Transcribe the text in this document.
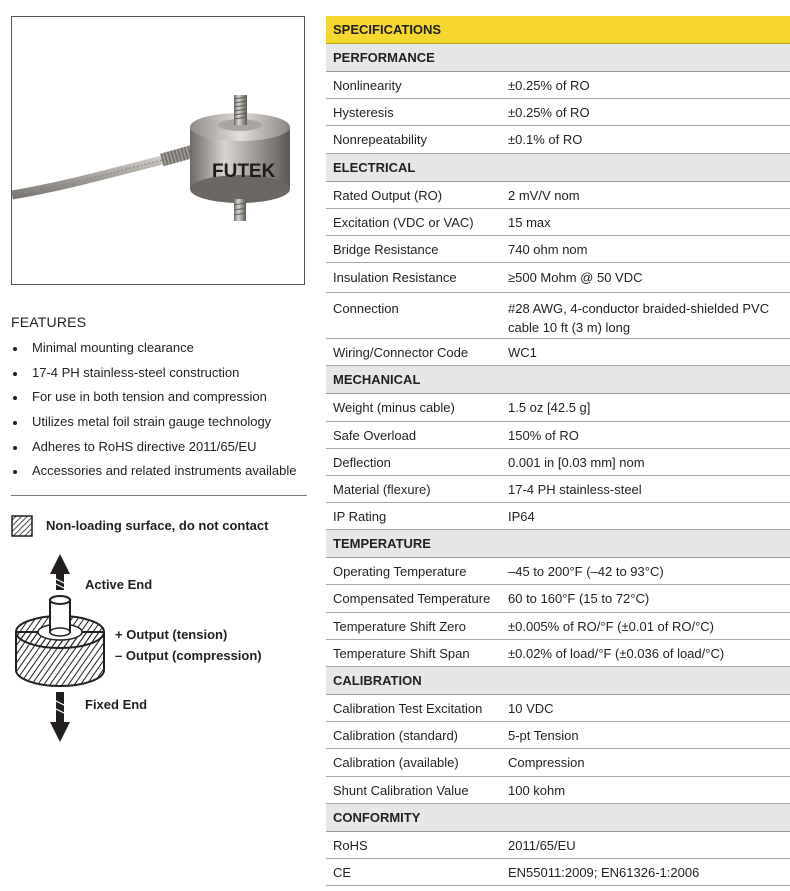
FUTEK
FEATURES
Minimal mounting clearance
17-4 PH stainless-steel construction
For use in both tension and compression
Utilizes metal foil strain gauge technology
Adheres to RoHS directive 2011/65/EU
Accessories and related instruments available
Non-loading surface, do not contact
Active End
+ Output (tension)
– Output (compression)
Fixed End
SPECIFICATIONS
PERFORMANCE
Nonlinearity	±0.25% of RO
Hysteresis	±0.25% of RO
Nonrepeatability	±0.1% of RO
ELECTRICAL
Rated Output (RO)	2 mV/V nom
Excitation (VDC or VAC)	15 max
Bridge Resistance	740 ohm nom
Insulation Resistance	≥500 Mohm @ 50 VDC
Connection	#28 AWG, 4-conductor braided-shielded PVC cable 10 ft (3 m) long
Wiring/Connector Code	WC1
MECHANICAL
Weight (minus cable)	1.5 oz [42.5 g]
Safe Overload	150% of RO
Deflection	0.001 in [0.03 mm] nom
Material (flexure)	17-4 PH stainless-steel
IP Rating	IP64
TEMPERATURE
Operating Temperature	–45 to 200°F (–42 to 93°C)
Compensated Temperature	60 to 160°F (15 to 72°C)
Temperature Shift Zero	±0.005% of RO/°F (±0.01 of RO/°C)
Temperature Shift Span	±0.02% of load/°F (±0.036 of load/°C)
CALIBRATION
Calibration Test Excitation	10 VDC
Calibration (standard)	5-pt Tension
Calibration (available)	Compression
Shunt Calibration Value	100 kohm
CONFORMITY
RoHS	2011/65/EU
CE	EN55011:2009; EN61326-1:2006
